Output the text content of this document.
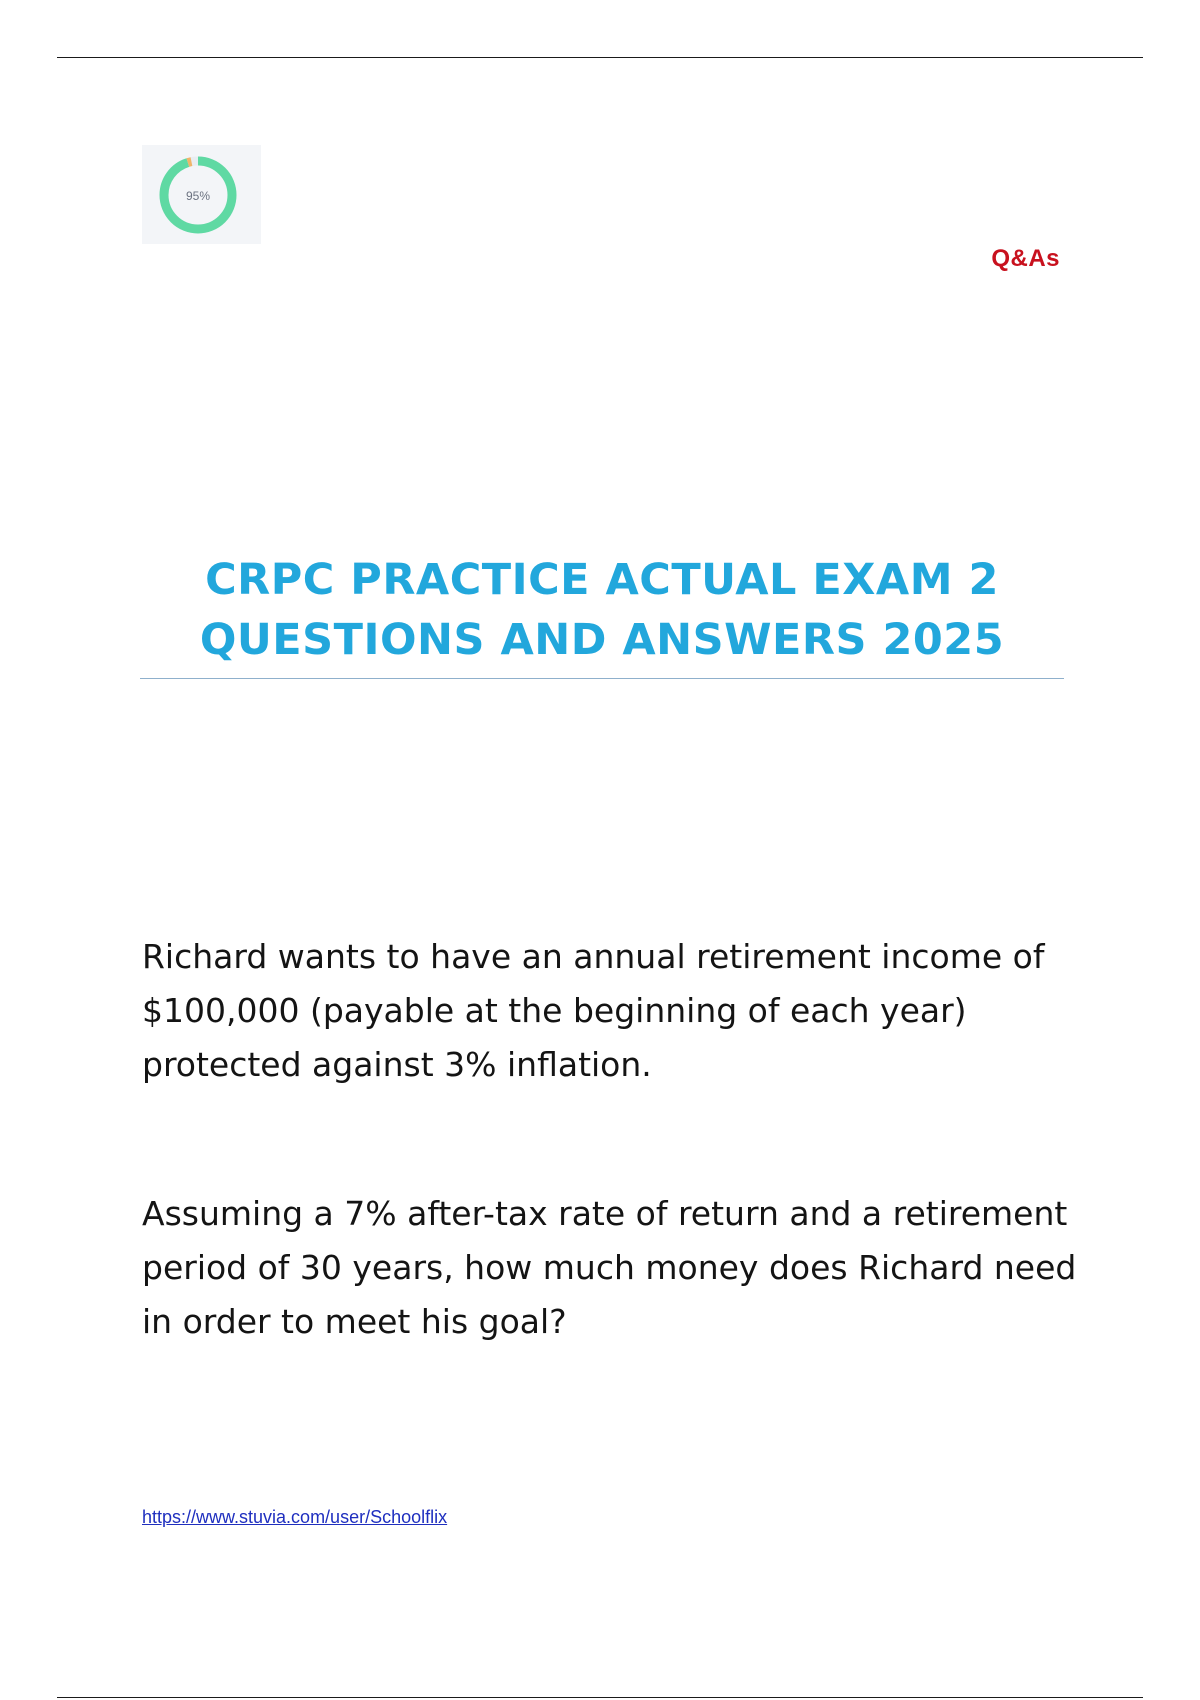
95%
Q&As
CRPC PRACTICE ACTUAL EXAM 2
QUESTIONS AND ANSWERS 2025

Richard wants to have an annual retirement income of $100,000 (payable at the beginning of each year) protected against 3% inflation.

Assuming a 7% after-tax rate of return and a retirement period of 30 years, how much money does Richard need in order to meet his goal?

https://www.stuvia.com/user/Schoolflix
